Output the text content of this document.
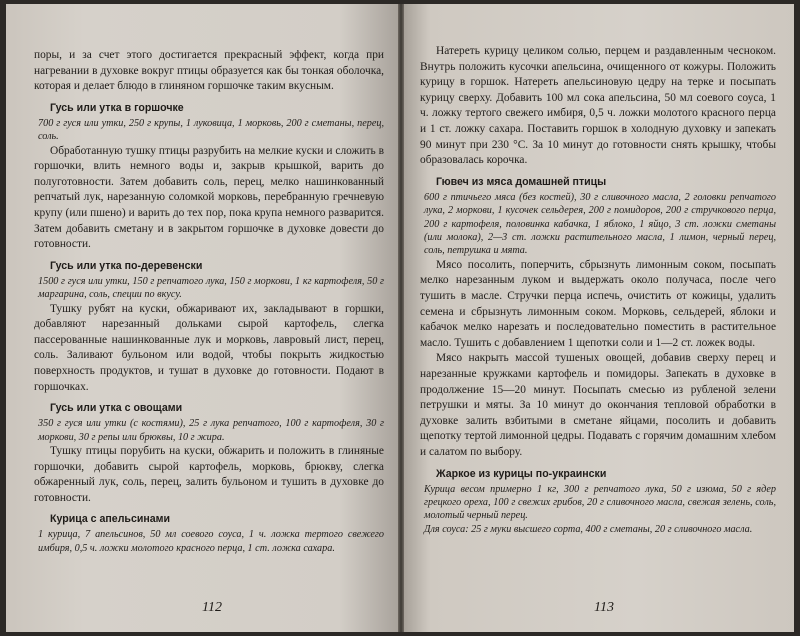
поры, и за счет этого достигается прекрасный эффект, когда при нагревании в духовке вокруг птицы образуется как бы тонкая оболочка, которая и делает блюдо в глиняном горшочке таким вкусным.

Гусь или утка в горшочке

700 г гуся или утки, 250 г крупы, 1 луковица, 1 морковь, 200 г сметаны, перец, соль.

Обработанную тушку птицы разрубить на мелкие куски и сложить в горшочки, влить немного воды и, закрыв крышкой, варить до полуготовности. Затем добавить соль, перец, мелко нашинкованный репчатый лук, нарезанную соломкой морковь, перебранную гречневую крупу (или пшено) и варить до тех пор, пока крупа немного разварится. Затем добавить сметану и в закрытом горшочке в духовке довести до готовности.

Гусь или утка по-деревенски

1500 г гуся или утки, 150 г репчатого лука, 150 г моркови, 1 кг картофеля, 50 г маргарина, соль, специи по вкусу.

Тушку рубят на куски, обжаривают их, закладывают в горшки, добавляют нарезанный дольками сырой картофель, слегка пассерованные нашинкованные лук и морковь, лавровый лист, перец, соль. Заливают бульоном или водой, чтобы покрыть жидкостью поверхность продуктов, и тушат в духовке до готовности. Подают в горшочках.

Гусь или утка с овощами

350 г гуся или утки (с костями), 25 г лука репчатого, 100 г картофеля, 30 г моркови, 30 г репы или брюквы, 10 г жира.

Тушку птицы порубить на куски, обжарить и положить в глиняные горшочки, добавить сырой картофель, морковь, брюкву, слегка обжаренный лук, соль, перец, залить бульоном и тушить в духовке до готовности.

Курица с апельсинами

1 курица, 7 апельсинов, 50 мл соевого соуса, 1 ч. ложка тертого свежего имбиря, 0,5 ч. ложки молотого красного перца, 1 ст. ложка сахара.

112

Натереть курицу целиком солью, перцем и раздавленным чесноком. Внутрь положить кусочки апельсина, очищенного от кожуры. Положить курицу в горшок. Натереть апельсиновую цедру на терке и посыпать курицу сверху. Добавить 100 мл сока апельсина, 50 мл соевого соуса, 1 ч. ложку тертого свежего имбиря, 0,5 ч. ложки молотого красного перца и 1 ст. ложку сахара. Поставить горшок в холодную духовку и запекать 90 минут при 230 °С. За 10 минут до готовности снять крышку, чтобы образовалась корочка.

Гювеч из мяса домашней птицы

600 г птичьего мяса (без костей), 30 г сливочного масла, 2 головки репчатого лука, 2 моркови, 1 кусочек сельдерея, 200 г помидоров, 200 г стручкового перца, 200 г картофеля, половинка кабачка, 1 яблоко, 1 яйцо, 3 ст. ложки сметаны (или молока), 2—3 ст. ложки растительного масла, 1 лимон, черный перец, соль, петрушка и мята.

Мясо посолить, поперчить, сбрызнуть лимонным соком, посыпать мелко нарезанным луком и выдержать около получаса, после чего тушить в масле. Стручки перца испечь, очистить от кожицы, удалить семена и сбрызнуть лимонным соком. Морковь, сельдерей, яблоки и кабачок мелко нарезать и последовательно поместить в растительное масло. Тушить с добавлением 1 щепотки соли и 1—2 ст. ложек воды.

Мясо накрыть массой тушеных овощей, добавив сверху перец и нарезанные кружками картофель и помидоры. Запекать в духовке в продолжение 15—20 минут. Посыпать смесью из рубленой зелени петрушки и мяты. За 10 минут до окончания тепловой обработки в духовке залить взбитыми в сметане яйцами, посолить и добавить щепотку тертой лимонной цедры. Подавать с горячим домашним хлебом и салатом по выбору.

Жаркое из курицы по-украински

Курица весом примерно 1 кг, 300 г репчатого лука, 50 г изюма, 50 г ядер грецкого ореха, 100 г свежих грибов, 20 г сливочного масла, свежая зелень, соль, молотый черный перец.

Для соуса: 25 г муки высшего сорта, 400 г сметаны, 20 г сливочного масла.

113
